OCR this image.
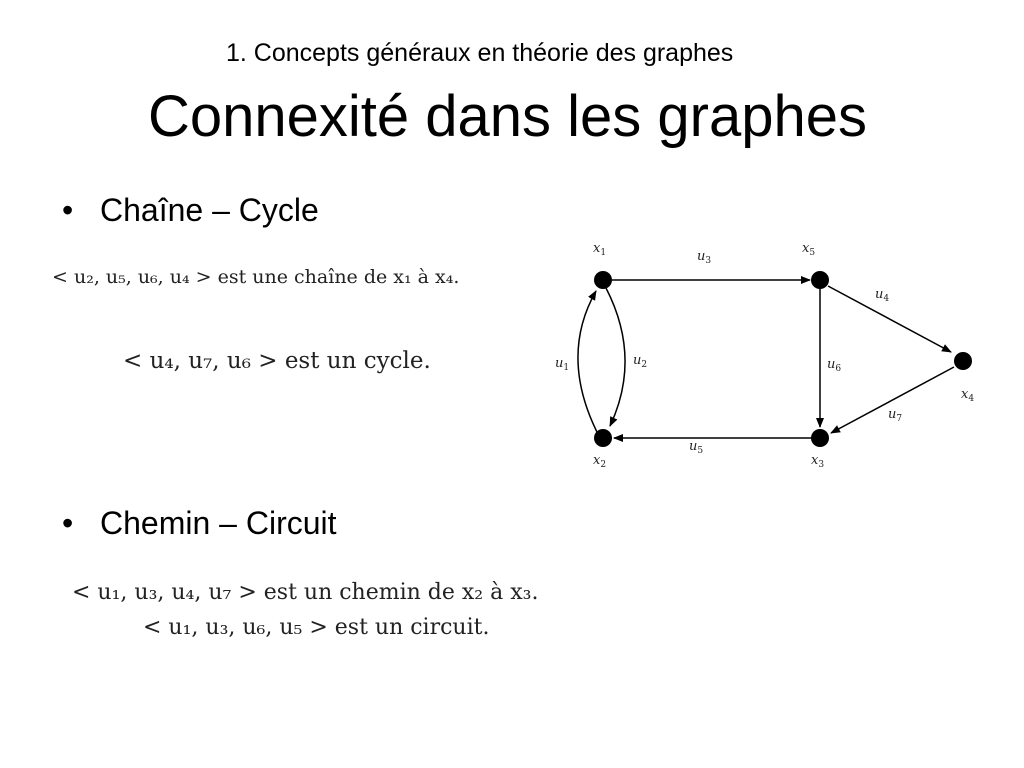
1. Concepts généraux en théorie des graphes
Connexité dans les graphes
• Chaîne – Cycle
< u₂, u₅, u₆, u₄ > est une chaîne de x₁ à x₄.
< u₄, u₇, u₆ > est un cycle.
$x_1$
$x_2$	$x_3$
$x_4$
$x_5$
$u_1$	$u_2$
$u_3$
$u_4$
$u_5$
$u_6$
$u_7$
• Chemin – Circuit
< u₁, u₃, u₄, u₇ > est un chemin de x₂ à x₃.
< u₁, u₃, u₆, u₅ > est un circuit.
